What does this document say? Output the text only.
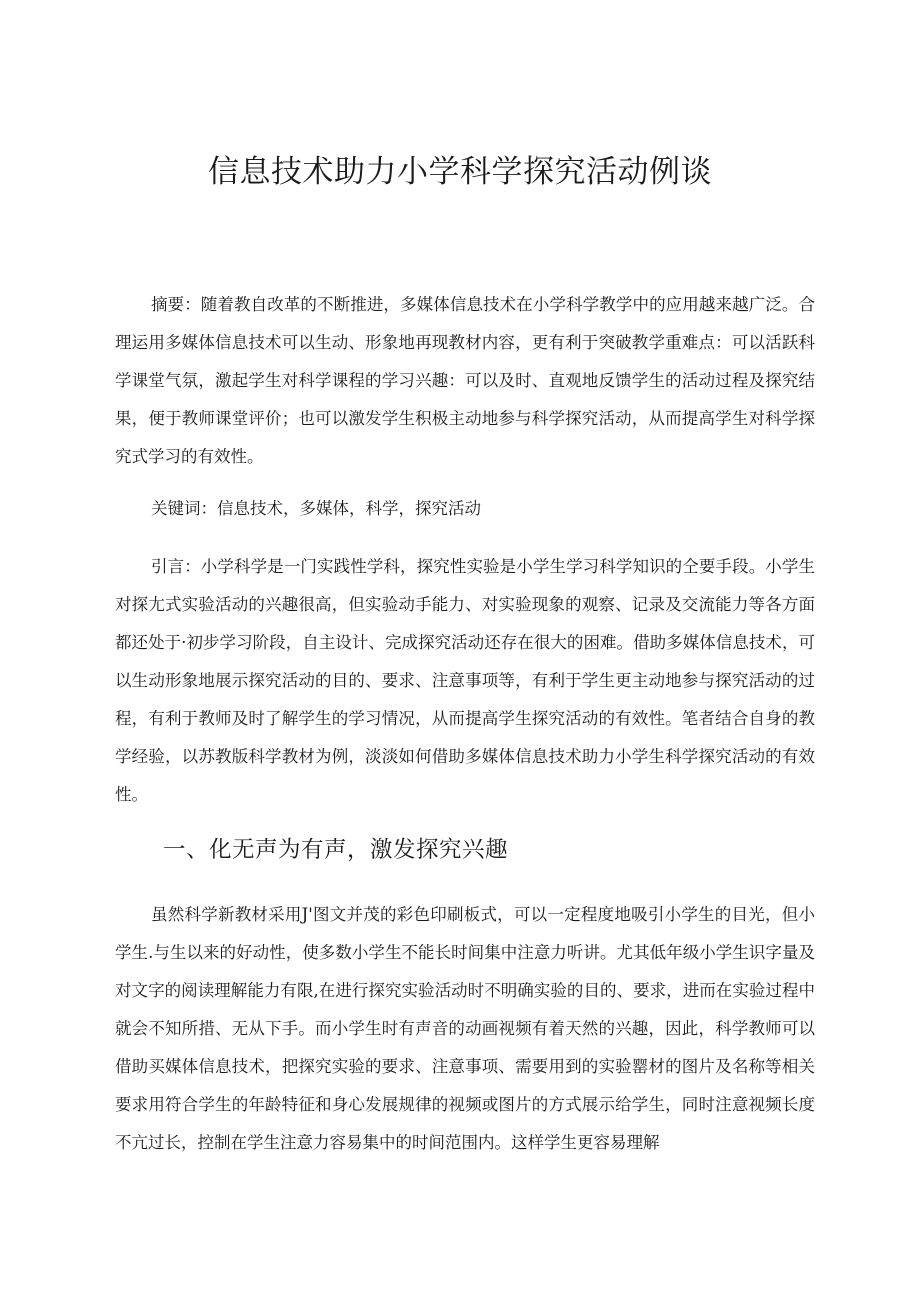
信息技术助力小学科学探究活动例谈

摘要：随着教自改革的不断推进，多媒体信息技术在小学科学教学中的应用越来越广泛。合理运用多媒体信息技术可以生动、形象地再现教材内容，更有利于突破教学重难点：可以活跃科学课堂气氛，激起学生对科学课程的学习兴趣：可以及时、直观地反馈学生的活动过程及探究结果，便于教师课堂评价；也可以激发学生积极主动地参与科学探究活动，从而提高学生对科学探究式学习的有效性。

关键词：信息技术，多媒体，科学，探究活动

引言：小学科学是一门实践性学科，探究性实验是小学生学习科学知识的仝要手段。小学生对探尢式实验活动的兴趣很高，但实验动手能力、对实验现象的观察、记录及交流能力等各方面都还处于·初步学习阶段，自主设计、完成探究活动还存在很大的困难。借助多媒体信息技术，可以生动形象地展示探究活动的目的、要求、注意事项等，有利于学生更主动地参与探究活动的过程，有利于教师及时了解学生的学习情况，从而提高学生探究活动的有效性。笔者结合自身的教学经验，以苏教版科学教材为例，淡淡如何借助多媒体信息技术助力小学生科学探究活动的有效性。

一、化无声为有声，激发探究兴趣

虽然科学新教材采用J'图文并茂的彩色印刷板式，可以一定程度地吸引小学生的目光，但小学生.与生以来的好动性，使多数小学生不能长时间集中注意力听讲。尤其低年级小学生识字量及对文字的阅读理解能力有限,在进行探究实验活动时不明确实验的目的、要求，进而在实验过程中就会不知所措、无从下手。而小学生时有声音的动画视频有着天然的兴趣，因此，科学教师可以借助买媒体信息技术，把探究实验的要求、注意事项、需要用到的实验罂材的图片及名称等相关要求用符合学生的年龄特征和身心发展规律的视频或图片的方式展示给学生，同时注意视频长度不亢过长，控制在学生注意力容易集中的时间范围内。这样学生更容易理解
